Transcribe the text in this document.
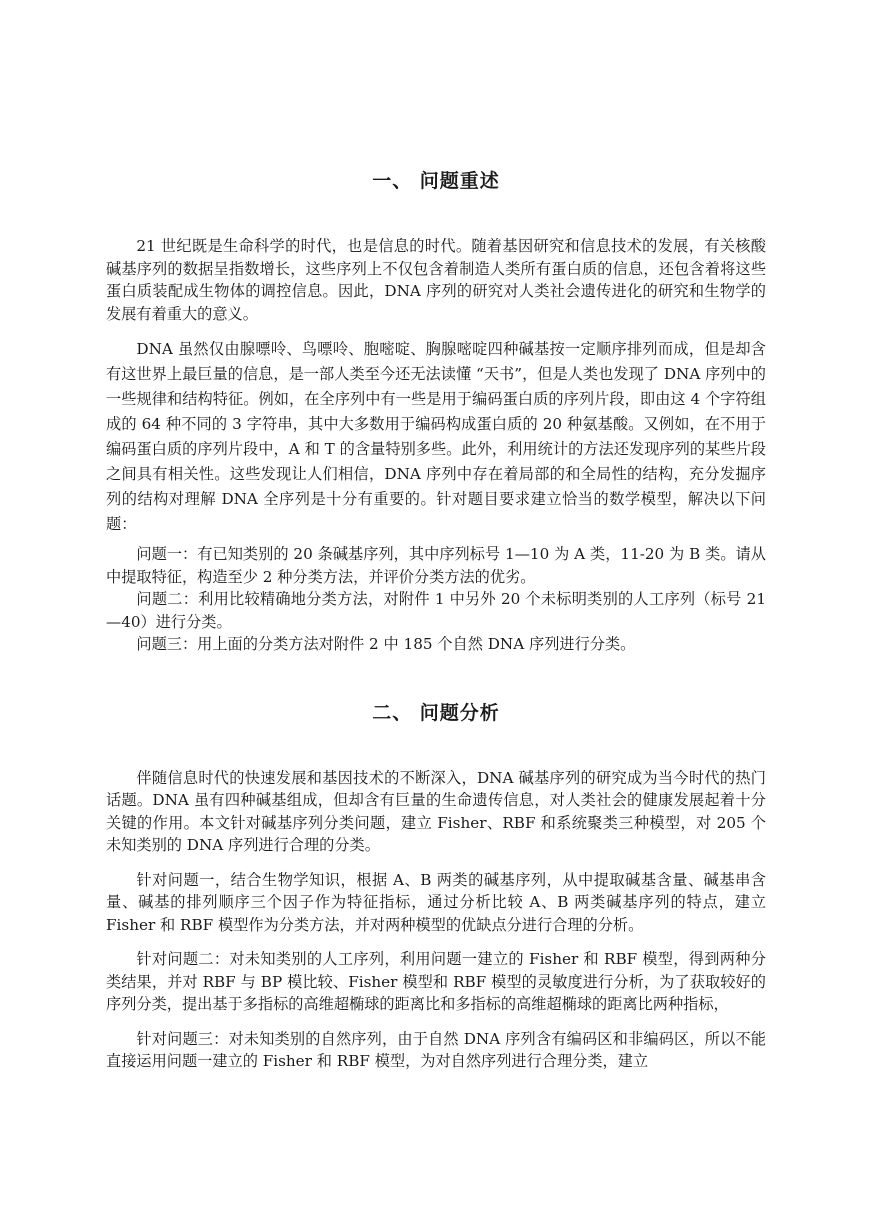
一、 问题重述

21 世纪既是生命科学的时代，也是信息的时代。随着基因研究和信息技术的发展，有关核酸碱基序列的数据呈指数增长，这些序列上不仅包含着制造人类所有蛋白质的信息，还包含着将这些蛋白质装配成生物体的调控信息。因此，DNA 序列的研究对人类社会遗传进化的研究和生物学的发展有着重大的意义。

DNA 虽然仅由腺嘌呤、鸟嘌呤、胞嘧啶、胸腺嘧啶四种碱基按一定顺序排列而成，但是却含有这世界上最巨量的信息，是一部人类至今还无法读懂 “天书”，但是人类也发现了 DNA 序列中的一些规律和结构特征。例如，在全序列中有一些是用于编码蛋白质的序列片段，即由这 4 个字符组成的 64 种不同的 3 字符串，其中大多数用于编码构成蛋白质的 20 种氨基酸。又例如，在不用于编码蛋白质的序列片段中，A 和 T 的含量特别多些。此外，利用统计的方法还发现序列的某些片段之间具有相关性。这些发现让人们相信，DNA 序列中存在着局部的和全局性的结构，充分发掘序列的结构对理解 DNA 全序列是十分有重要的。针对题目要求建立恰当的数学模型，解决以下问题：

问题一：有已知类别的 20 条碱基序列，其中序列标号 1—10 为 A 类，11-20 为 B 类。请从中提取特征，构造至少 2 种分类方法，并评价分类方法的优劣。

问题二：利用比较精确地分类方法，对附件 1 中另外 20 个未标明类别的人工序列（标号 21—40）进行分类。

问题三：用上面的分类方法对附件 2 中 185 个自然 DNA 序列进行分类。

二、 问题分析

伴随信息时代的快速发展和基因技术的不断深入，DNA 碱基序列的研究成为当今时代的热门话题。DNA 虽有四种碱基组成，但却含有巨量的生命遗传信息，对人类社会的健康发展起着十分关键的作用。本文针对碱基序列分类问题，建立 Fisher、RBF 和系统聚类三种模型，对 205 个未知类别的 DNA 序列进行合理的分类。

针对问题一，结合生物学知识，根据 A、B 两类的碱基序列，从中提取碱基含量、碱基串含量、碱基的排列顺序三个因子作为特征指标，通过分析比较 A、B 两类碱基序列的特点，建立 Fisher 和 RBF 模型作为分类方法，并对两种模型的优缺点分进行合理的分析。

针对问题二：对未知类别的人工序列，利用问题一建立的 Fisher 和 RBF 模型，得到两种分类结果，并对 RBF 与 BP 模比较、Fisher 模型和 RBF 模型的灵敏度进行分析，为了获取较好的序列分类，提出基于多指标的高维超椭球的距离比和多指标的高维超椭球的距离比两种指标，

针对问题三：对未知类别的自然序列，由于自然 DNA 序列含有编码区和非编码区，所以不能直接运用问题一建立的 Fisher 和 RBF 模型，为对自然序列进行合理分类，建立
